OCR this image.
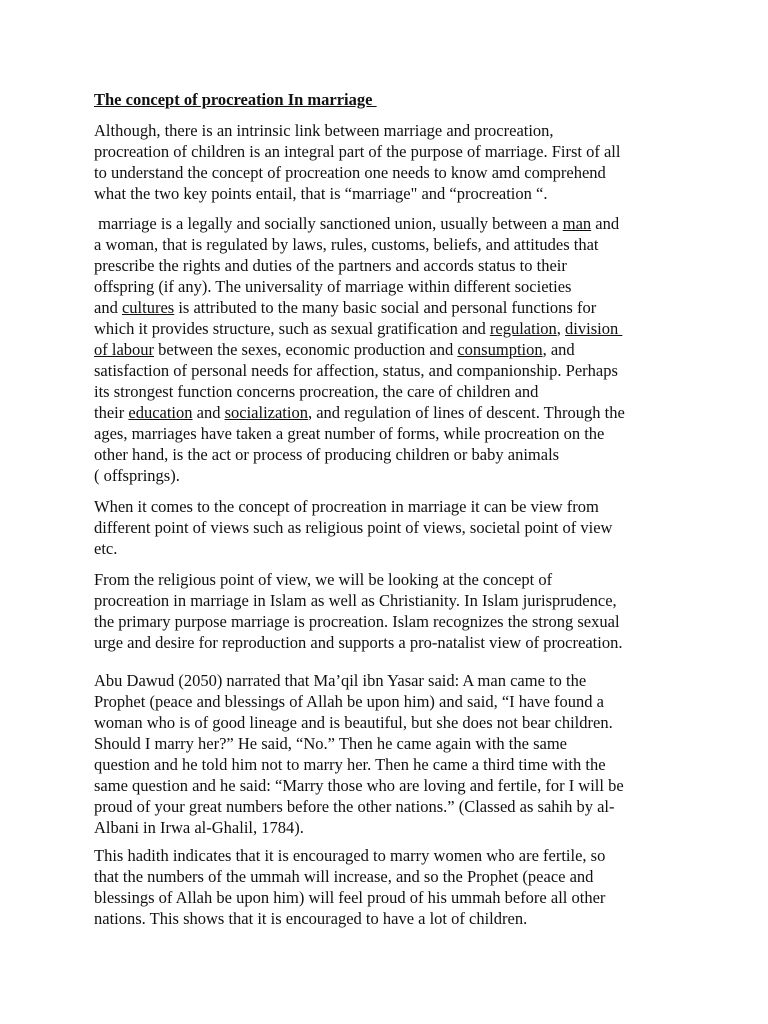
The concept of procreation In marriage
Although, there is an intrinsic link between marriage and procreation,
procreation of children is an integral part of the purpose of marriage. First of all
to understand the concept of procreation one needs to know amd comprehend
what the two key points entail, that is “marriage" and “procreation “.
marriage is a legally and socially sanctioned union, usually between a man and
a woman, that is regulated by laws, rules, customs, beliefs, and attitudes that
prescribe the rights and duties of the partners and accords status to their
offspring (if any). The universality of marriage within different societies
and cultures is attributed to the many basic social and personal functions for
which it provides structure, such as sexual gratification and regulation, division
of labour between the sexes, economic production and consumption, and
satisfaction of personal needs for affection, status, and companionship. Perhaps
its strongest function concerns procreation, the care of children and
their education and socialization, and regulation of lines of descent. Through the
ages, marriages have taken a great number of forms, while procreation on the
other hand, is the act or process of producing children or baby animals
( offsprings).
When it comes to the concept of procreation in marriage it can be view from
different point of views such as religious point of views, societal point of view
etc.
From the religious point of view, we will be looking at the concept of
procreation in marriage in Islam as well as Christianity. In Islam jurisprudence,
the primary purpose marriage is procreation. Islam recognizes the strong sexual
urge and desire for reproduction and supports a pro-natalist view of procreation.
Abu Dawud (2050) narrated that Ma’qil ibn Yasar said: A man came to the
Prophet (peace and blessings of Allah be upon him) and said, “I have found a
woman who is of good lineage and is beautiful, but she does not bear children.
Should I marry her?” He said, “No.” Then he came again with the same
question and he told him not to marry her. Then he came a third time with the
same question and he said: “Marry those who are loving and fertile, for I will be
proud of your great numbers before the other nations.” (Classed as sahih by al-
Albani in Irwa al-Ghalil, 1784).
This hadith indicates that it is encouraged to marry women who are fertile, so
that the numbers of the ummah will increase, and so the Prophet (peace and
blessings of Allah be upon him) will feel proud of his ummah before all other
nations. This shows that it is encouraged to have a lot of children.
